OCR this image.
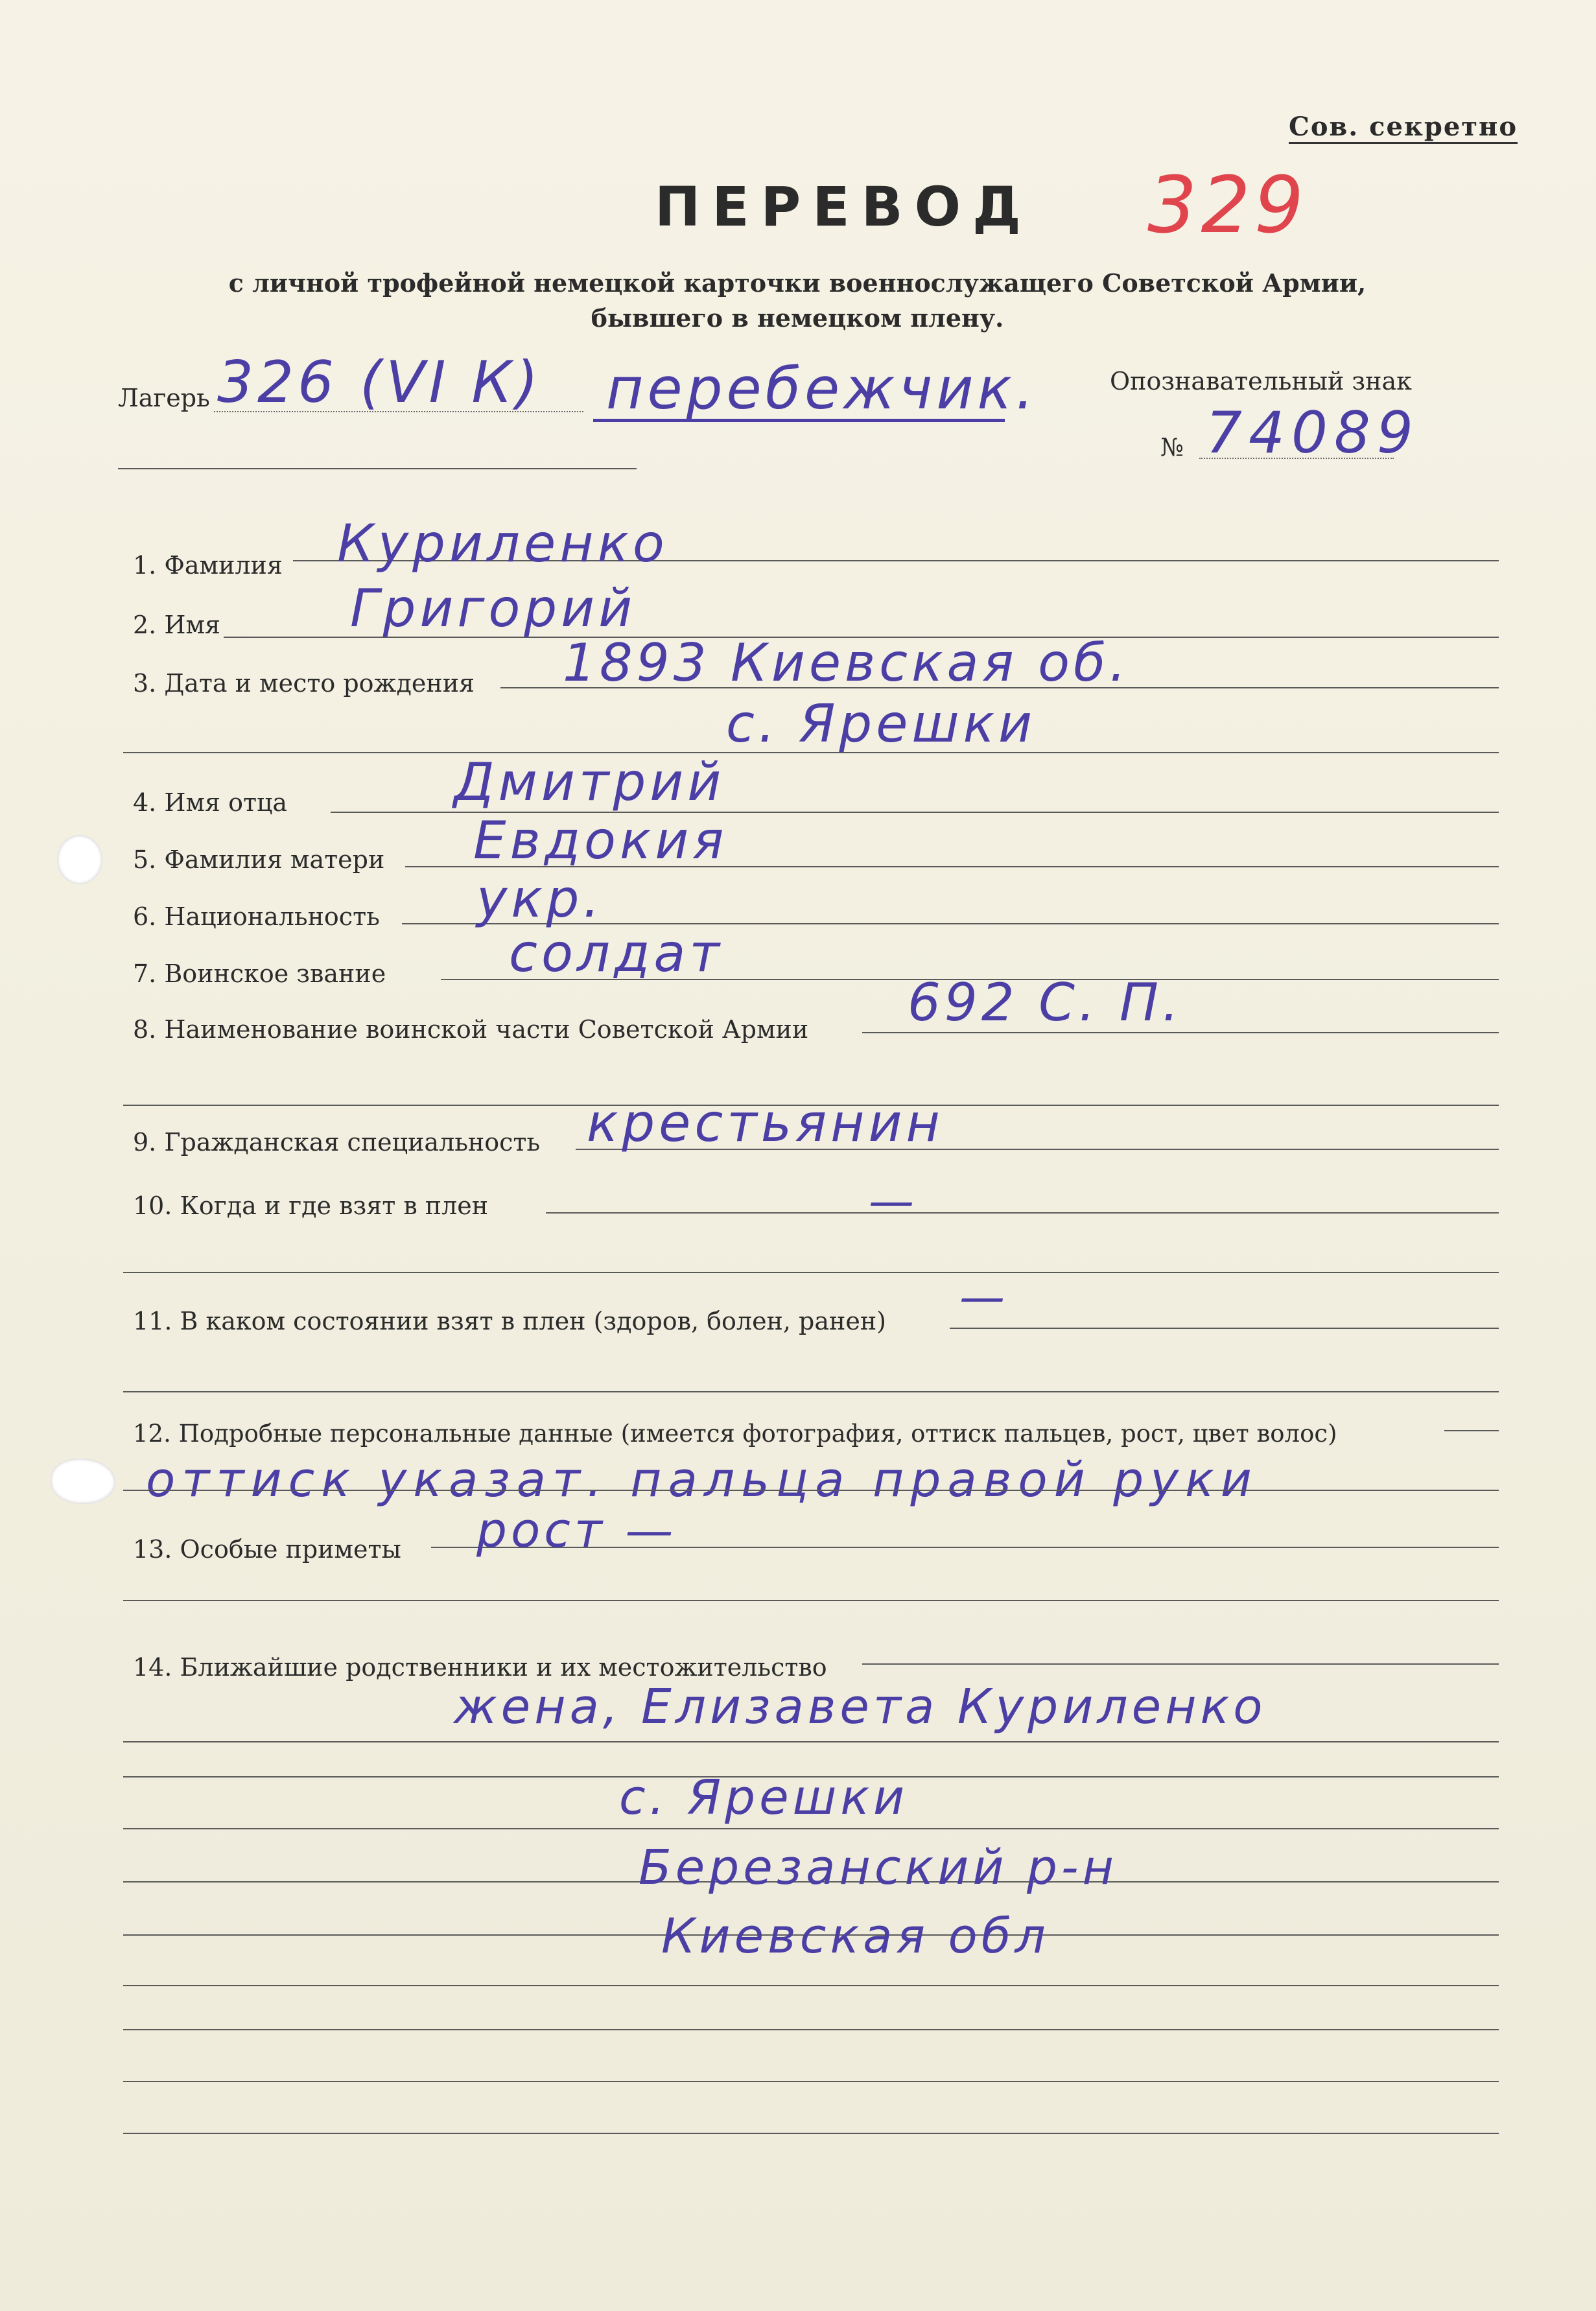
Сов. секретно
329
ПЕРЕВОД
с личной трофейной немецкой карточки военнослужащего Советской Армии,
бывшего в немецком плену.
Лагерь 326 (VI К) перебежчик.	Опознавательный знак
№ 74089
1. Фамилия Куриленко
2. Имя Григорий
3. Дата и место рождения 1893 Киевская об.
с. Ярешки
4. Имя отца	Дмитрий
5. Фамилия матери Евдокия
6. Национальность укр.
7. Воинское звание солдат
8. Наименование воинской части Советской Армии 692 С. П.
9. Гражданская специальность крестьянин
10. Когда и где взят в плен	—
11. В каком состоянии взят в плен (здоров, болен, ранен) —
12. Подробные персональные данные (имеется фотография, оттиск пальцев, рост, цвет волос)
оттиск указат. пальца правой руки
13. Особые приметы рост —
14. Ближайшие родственники и их местожительство
жена, Елизавета Куриленко
с. Ярешки
Березанский р-н
Киевская обл
